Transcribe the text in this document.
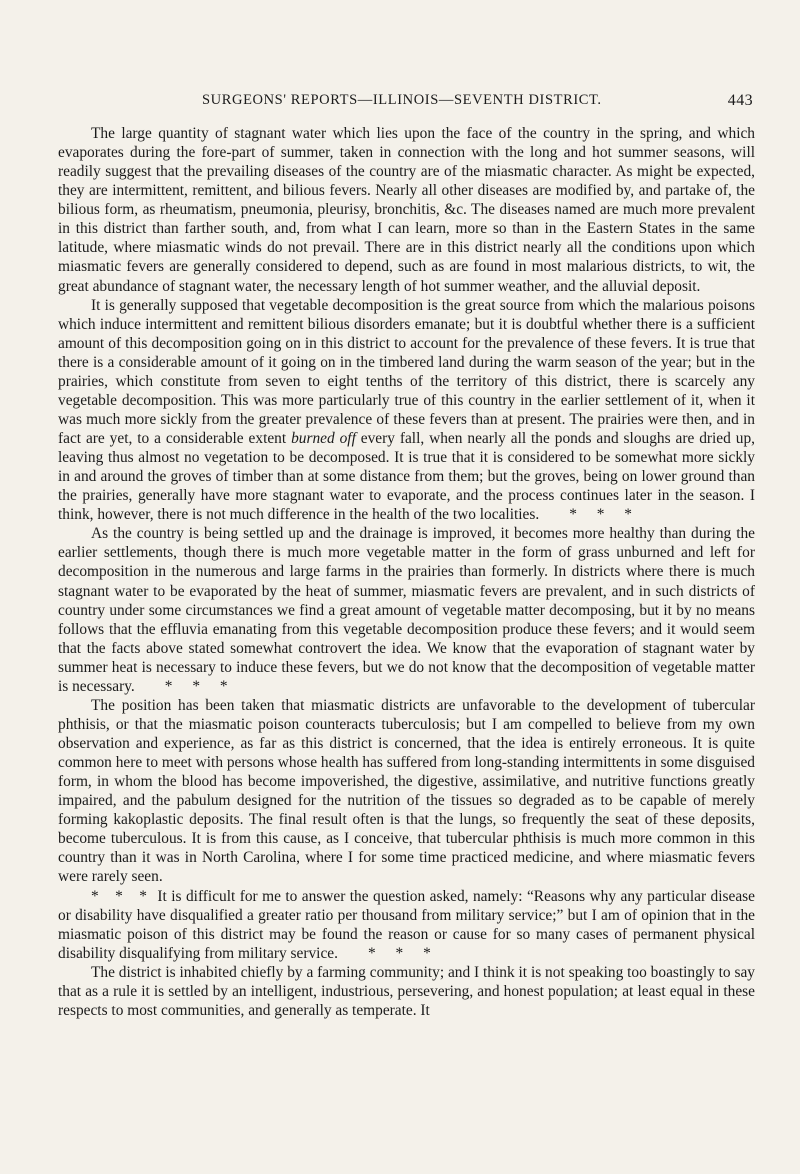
SURGEONS' REPORTS—ILLINOIS—SEVENTH DISTRICT.	443

The large quantity of stagnant water which lies upon the face of the country in the spring, and which evaporates during the fore-part of summer, taken in connection with the long and hot summer seasons, will readily suggest that the prevailing diseases of the country are of the miasmatic character. As might be expected, they are intermittent, remittent, and bilious fevers. Nearly all other diseases are modified by, and partake of, the bilious form, as rheumatism, pneumonia, pleurisy, bronchitis, &c. The diseases named are much more prevalent in this district than farther south, and, from what I can learn, more so than in the Eastern States in the same latitude, where miasmatic winds do not prevail. There are in this district nearly all the conditions upon which miasmatic fevers are generally considered to depend, such as are found in most malarious districts, to wit, the great abundance of stagnant water, the necessary length of hot summer weather, and the alluvial deposit.

It is generally supposed that vegetable decomposition is the great source from which the malarious poisons which induce intermittent and remittent bilious disorders emanate; but it is doubtful whether there is a sufficient amount of this decomposition going on in this district to account for the prevalence of these fevers. It is true that there is a considerable amount of it going on in the timbered land during the warm season of the year; but in the prairies, which constitute from seven to eight tenths of the territory of this district, there is scarcely any vegetable decomposition. This was more particularly true of this country in the earlier settlement of it, when it was much more sickly from the greater prevalence of these fevers than at present. The prairies were then, and in fact are yet, to a considerable extent burned off every fall, when nearly all the ponds and sloughs are dried up, leaving thus almost no vegetation to be decomposed. It is true that it is considered to be somewhat more sickly in and around the groves of timber than at some distance from them; but the groves, being on lower ground than the prairies, generally have more stagnant water to evaporate, and the process continues later in the season. I think, however, there is not much difference in the health of the two localities. * * *

As the country is being settled up and the drainage is improved, it becomes more healthy than during the earlier settlements, though there is much more vegetable matter in the form of grass unburned and left for decomposition in the numerous and large farms in the prairies than formerly. In districts where there is much stagnant water to be evaporated by the heat of summer, miasmatic fevers are prevalent, and in such districts of country under some circumstances we find a great amount of vegetable matter decomposing, but it by no means follows that the effluvia emanating from this vegetable decomposition produce these fevers; and it would seem that the facts above stated somewhat controvert the idea. We know that the evaporation of stagnant water by summer heat is necessary to induce these fevers, but we do not know that the decomposition of vegetable matter is necessary. * * *

The position has been taken that miasmatic districts are unfavorable to the development of tubercular phthisis, or that the miasmatic poison counteracts tuberculosis; but I am compelled to believe from my own observation and experience, as far as this district is concerned, that the idea is entirely erroneous. It is quite common here to meet with persons whose health has suffered from long-standing intermittents in some disguised form, in whom the blood has become impoverished, the digestive, assimilative, and nutritive functions greatly impaired, and the pabulum designed for the nutrition of the tissues so degraded as to be capable of merely forming kakoplastic deposits. The final result often is that the lungs, so frequently the seat of these deposits, become tuberculous. It is from this cause, as I conceive, that tubercular phthisis is much more common in this country than it was in North Carolina, where I for some time practiced medicine, and where miasmatic fevers were rarely seen.

* * * It is difficult for me to answer the question asked, namely: “Reasons why any particular disease or disability have disqualified a greater ratio per thousand from military service;” but I am of opinion that in the miasmatic poison of this district may be found the reason or cause for so many cases of permanent physical disability disqualifying from military service. * * *

The district is inhabited chiefly by a farming community; and I think it is not speaking too boastingly to say that as a rule it is settled by an intelligent, industrious, persevering, and honest population; at least equal in these respects to most communities, and generally as temperate. It
